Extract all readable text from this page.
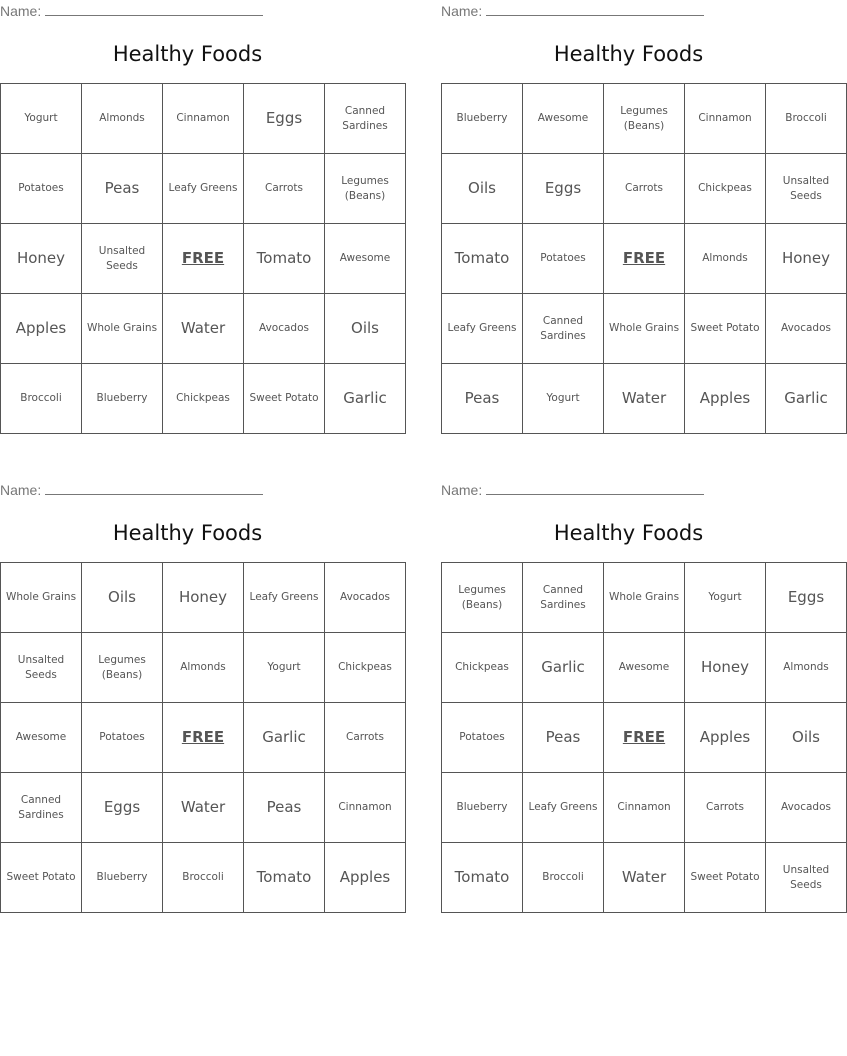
Name:
Healthy Foods
Yogurt	Almonds	Cinnamon	Eggs	Canned Sardines
Potatoes	Peas	Leafy Greens	Carrots	Legumes (Beans)
Honey	Unsalted Seeds	FREE	Tomato	Awesome
Apples	Whole Grains	Water	Avocados	Oils
Broccoli	Blueberry	Chickpeas	Sweet Potato	Garlic
Name:
Healthy Foods
Blueberry	Awesome	Legumes (Beans)	Cinnamon	Broccoli
Oils	Eggs	Carrots	Chickpeas	Unsalted Seeds
Tomato	Potatoes	FREE	Almonds	Honey
Leafy Greens	Canned Sardines	Whole Grains	Sweet Potato	Avocados
Peas	Yogurt	Water	Apples	Garlic
Name:
Healthy Foods
Whole Grains	Oils	Honey	Leafy Greens	Avocados
Unsalted Seeds	Legumes (Beans)	Almonds	Yogurt	Chickpeas
Awesome	Potatoes	FREE	Garlic	Carrots
Canned Sardines	Eggs	Water	Peas	Cinnamon
Sweet Potato	Blueberry	Broccoli	Tomato	Apples
Name:
Healthy Foods
Legumes (Beans)	Canned Sardines	Whole Grains	Yogurt	Eggs
Chickpeas	Garlic	Awesome	Honey	Almonds
Potatoes	Peas	FREE	Apples	Oils
Blueberry	Leafy Greens	Cinnamon	Carrots	Avocados
Tomato	Broccoli	Water	Sweet Potato	Unsalted Seeds
